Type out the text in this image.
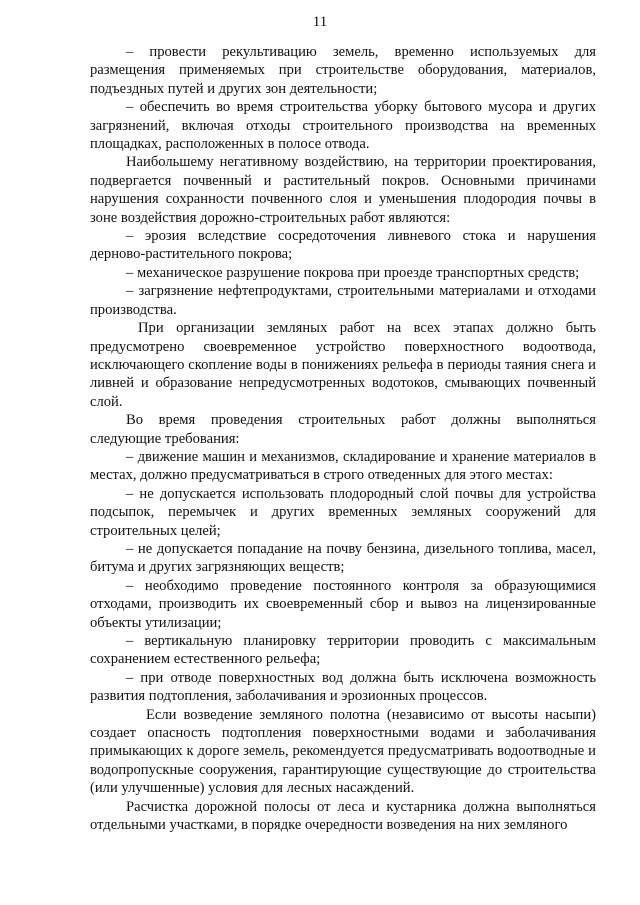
11

– провести рекультивацию земель, временно используемых для размещения применяемых при строительстве оборудования, материалов, подъездных путей и других зон деятельности;

– обеспечить во время строительства уборку бытового мусора и других загрязнений, включая отходы строительного производства на временных площадках, расположенных в полосе отвода.

Наибольшему негативному воздействию, на территории проектирования, подвергается почвенный и растительный покров. Основными причинами нарушения сохранности почвенного слоя и уменьшения плодородия почвы в зоне воздействия дорожно-строительных работ являются:

– эрозия вследствие сосредоточения ливневого стока и нарушения дерново-растительного покрова;

– механическое разрушение покрова при проезде транспортных средств;

– загрязнение нефтепродуктами, строительными материалами и отходами производства.

При организации земляных работ на всех этапах должно быть предусмотрено своевременное устройство поверхностного водоотвода, исключающего скопление воды в понижениях рельефа в периоды таяния снега и ливней и образование непредусмотренных водотоков, смывающих почвенный слой.

Во время проведения строительных работ должны выполняться следующие требования:

– движение машин и механизмов, складирование и хранение материалов в местах, должно предусматриваться в строго отведенных для этого местах:

– не допускается использовать плодородный слой почвы для устройства подсыпок, перемычек и других временных земляных сооружений для строительных целей;

– не допускается попадание на почву бензина, дизельного топлива, масел, битума и других загрязняющих веществ;

– необходимо проведение постоянного контроля за образующимися отходами, производить их своевременный сбор и вывоз на лицензированные объекты утилизации;

– вертикальную планировку территории проводить с максимальным сохранением естественного рельефа;

– при отводе поверхностных вод должна быть исключена возможность развития подтопления, заболачивания и эрозионных процессов.

Если возведение земляного полотна (независимо от высоты насыпи) создает опасность подтопления поверхностными водами и заболачивания примыкающих к дороге земель, рекомендуется предусматривать водоотводные и водопропускные сооружения, гарантирующие существующие до строительства (или улучшенные) условия для лесных насаждений.

Расчистка дорожной полосы от леса и кустарника должна выполняться отдельными участками, в порядке очередности возведения на них земляного
